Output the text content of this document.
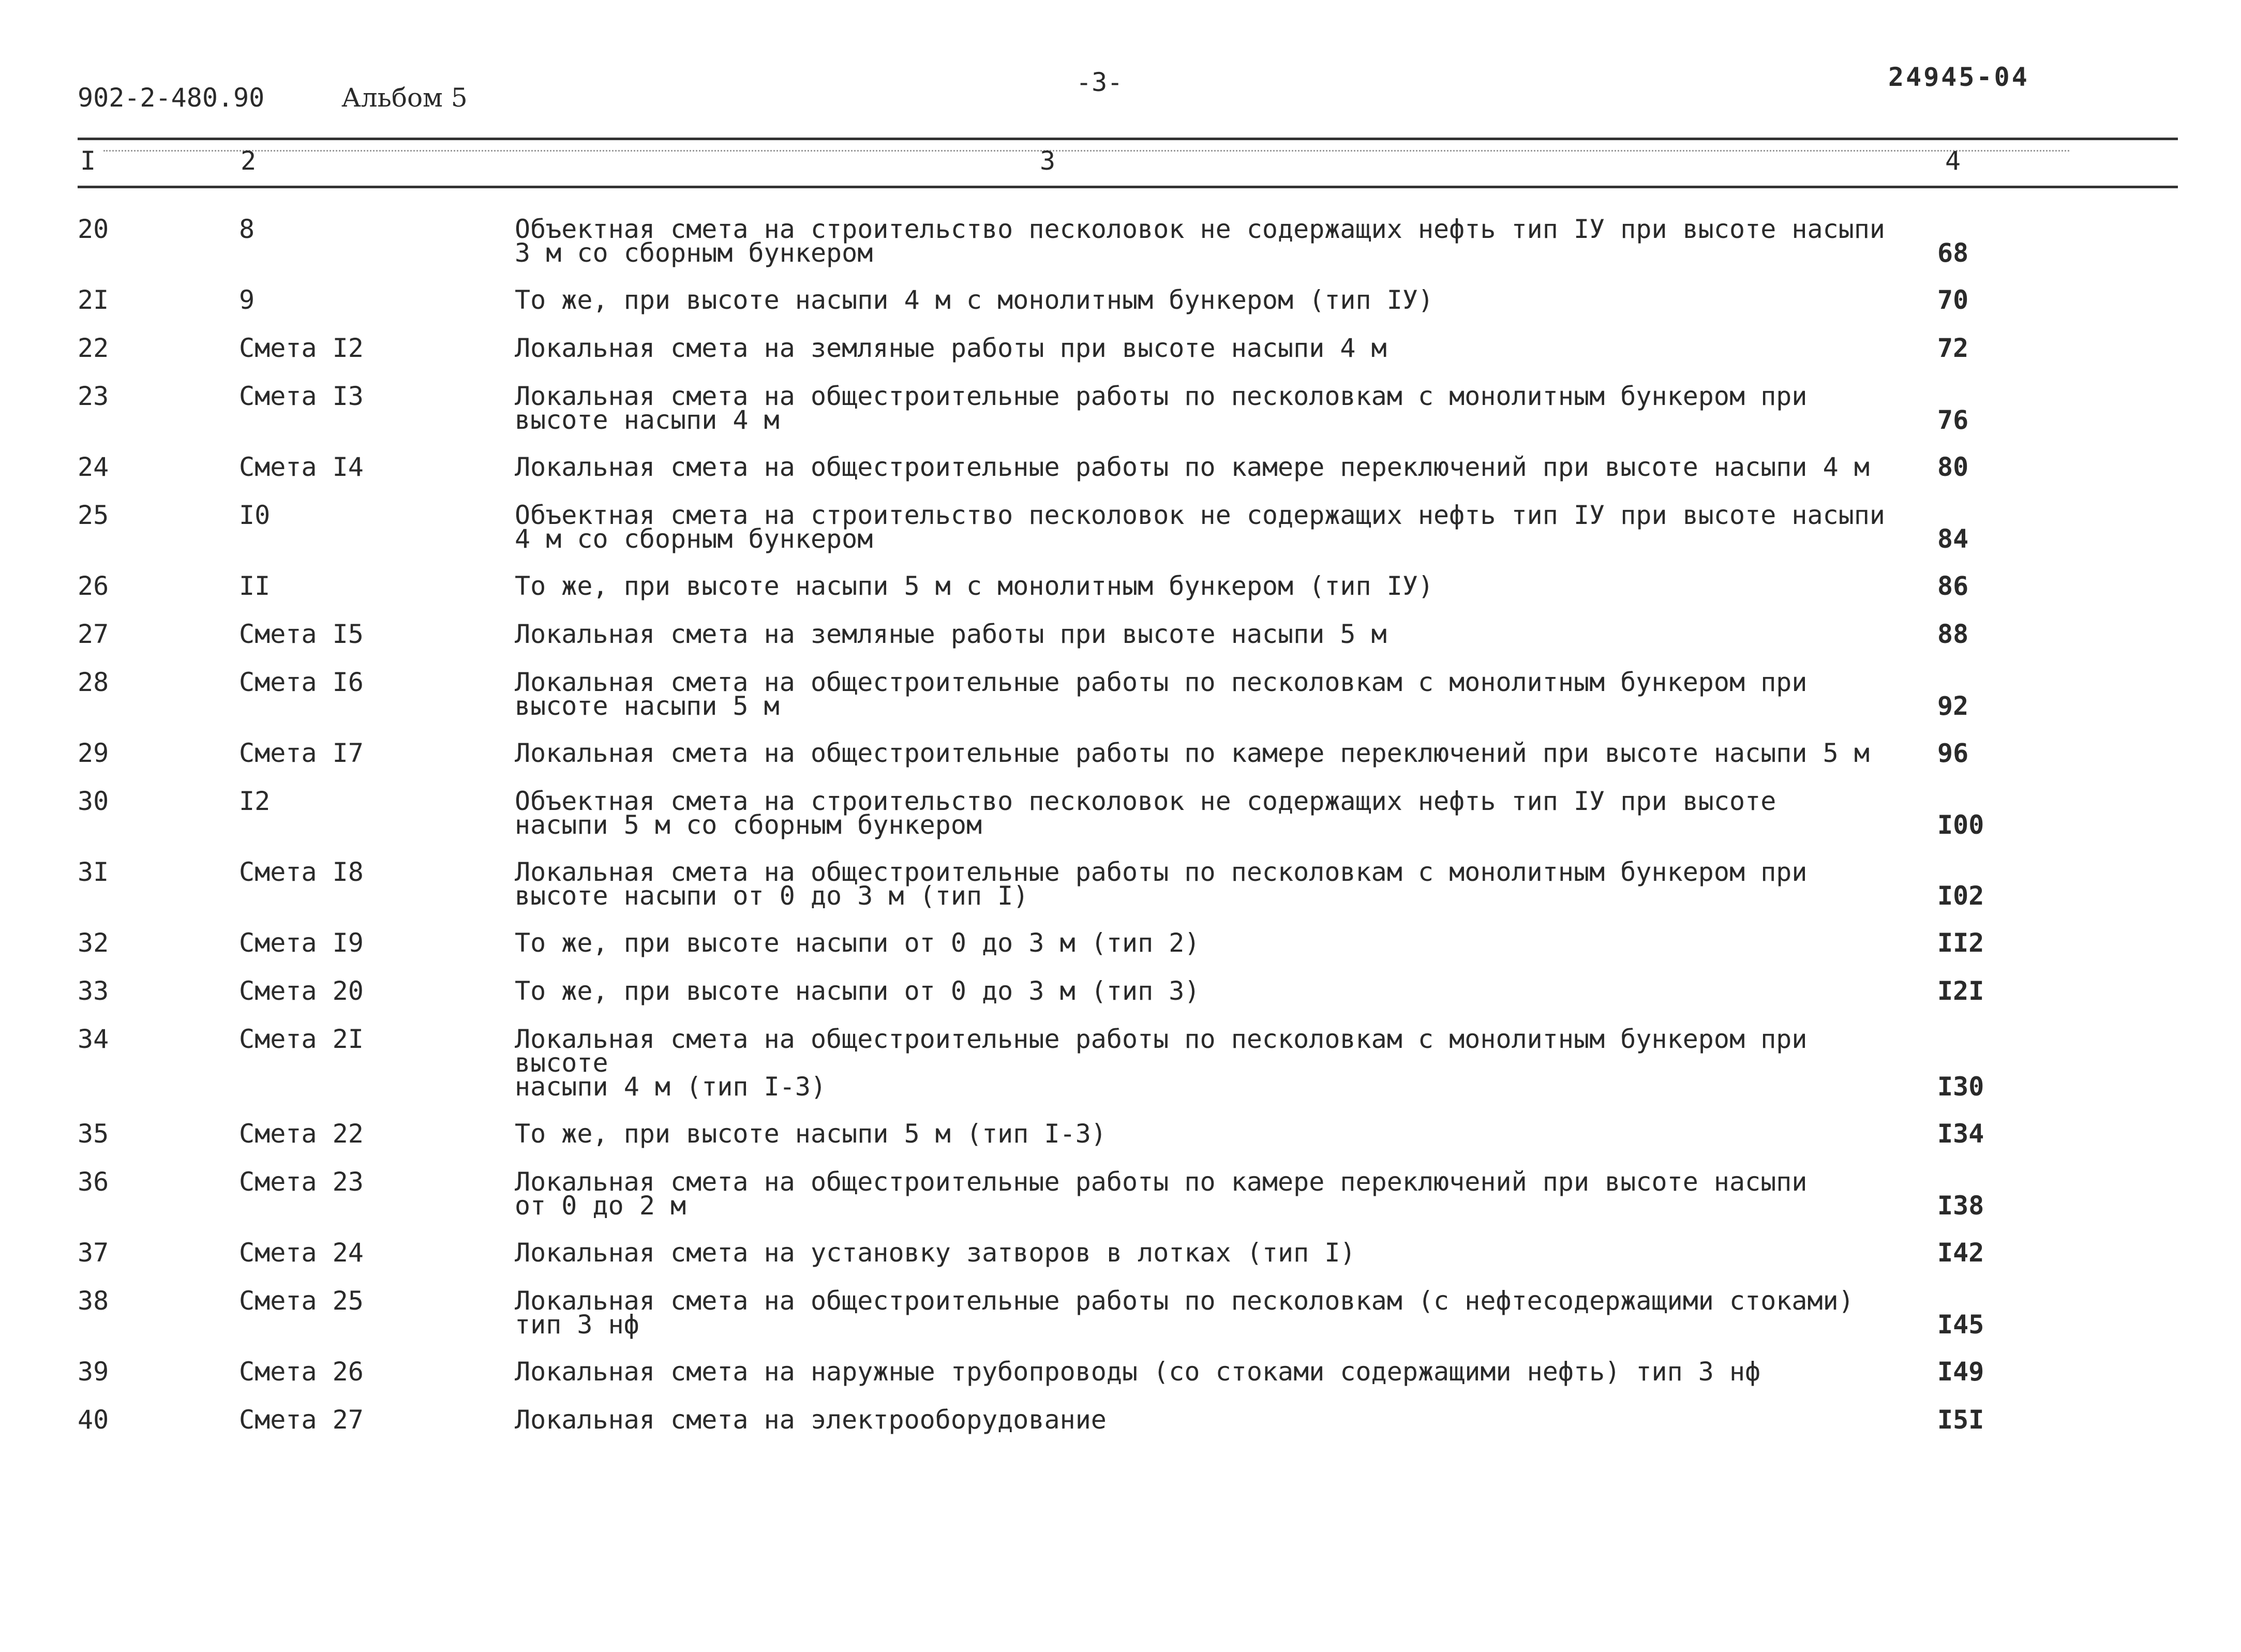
902-2-480.90	Альбом 5
-3-	24945-04
I	2	3	4
20	8	Объектная смета на строительство песколовок не содержащих нефть тип IУ при высоте насыпи
3 м со сборным бункером	68
2I	9	То же, при высоте насыпи 4 м с монолитным бункером (тип IУ)	70
22	Смета I2	Локальная смета на земляные работы при высоте насыпи 4 м	72
23	Смета I3	Локальная смета на общестроительные работы по песколовкам с монолитным бункером при
высоте насыпи 4 м	76
24	Смета I4	Локальная смета на общестроительные работы по камере переключений при высоте насыпи 4 м	80
25	I0	Объектная смета на строительство песколовок не содержащих нефть тип IУ при высоте насыпи
4 м со сборным бункером	84
26	II	То же, при высоте насыпи 5 м с монолитным бункером (тип IУ)	86
27	Смета I5	Локальная смета на земляные работы при высоте насыпи 5 м	88
28	Смета I6	Локальная смета на общестроительные работы по песколовкам с монолитным бункером при
высоте насыпи 5 м	92
29	Смета I7	Локальная смета на общестроительные работы по камере переключений при высоте насыпи 5 м	96
30	I2	Объектная смета на строительство песколовок не содержащих нефть тип IУ при высоте
насыпи 5 м со сборным бункером	I00
3I	Смета I8	Локальная смета на общестроительные работы по песколовкам с монолитным бункером при
высоте насыпи от 0 до 3 м (тип I)	I02
32	Смета I9	То же, при высоте насыпи от 0 до 3 м (тип 2)	II2
33	Смета 20	То же, при высоте насыпи от 0 до 3 м (тип 3)	I2I
34	Смета 2I	Локальная смета на общестроительные работы по песколовкам с монолитным бункером при высоте
насыпи 4 м (тип I-3)	I30
35	Смета 22	То же, при высоте насыпи 5 м (тип I-3)	I34
36	Смета 23	Локальная смета на общестроительные работы по камере переключений при высоте насыпи
от 0 до 2 м	I38
37	Смета 24	Локальная смета на установку затворов в лотках (тип I)	I42
38	Смета 25	Локальная смета на общестроительные работы по песколовкам (с нефтесодержащими стоками)
тип 3 нф	I45
39	Смета 26	Локальная смета на наружные трубопроводы (со стоками содержащими нефть) тип 3 нф	I49
40	Смета 27	Локальная смета на электрооборудование	I5I
